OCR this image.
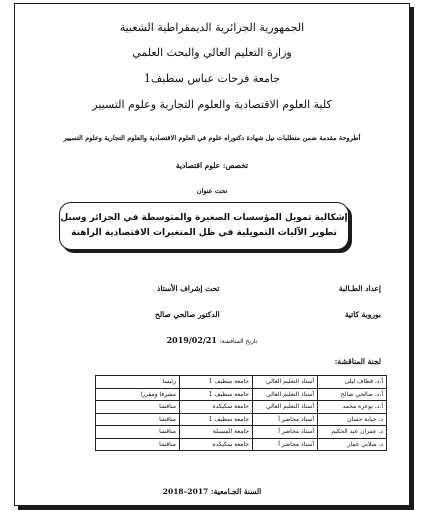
الجمهورية الجزائرية الديمقراطية الشعبية
وزارة التعليم العالي والبحث العلمي
جامعة فرحات عباس سطيف1
كلية العلوم الاقتصادية والعلوم التجارية وعلوم التسيير
أطروحة مقدمة ضمن متطلبات نيل شهادة دكتوراه علوم في العلوم الاقتصادية والعلوم التجارية وعلوم التسيير
تخصص: علوم اقتصادية
تحت عنوان
إشكالية تمويل المؤسسات الصغيرة والمتوسطة في الجزائر وسبل
تطوير الآليات التمويلية في ظل المتغيرات الاقتصادية الراهنة
إعداد الطـالبة
تحت إشراف الأستاذ
بوروبة كاتية
الدكتور صالحي صالح
تاريخ المناقشة: 2019/02/21
لجنة المناقشة:
أ.د. قطاف ليلى	أستاذ التعليم العالي	جامعة سطيف 1	رئيسا
أ.د. صالحي صالح	أستاذ التعليم العالي	جامعة سطيف 1	مشرفا ومقررا
أ.د. بوعزة محمد	أستاذ التعليم العالي	جامعة سكيكدة	مناقشا
د. جبابة حسان	أستاذ محاضر أ	جامعة سطيف 1	مناقشا
د. عمران عبد الحكيم	أستاذ محاضر أ	جامعة المسيلة	مناقشا
د. شلابي عمار	أستاذ محاضر أ	جامعة سكيكدة	مناقشا
السنة الجـامعية: 2018–2017
